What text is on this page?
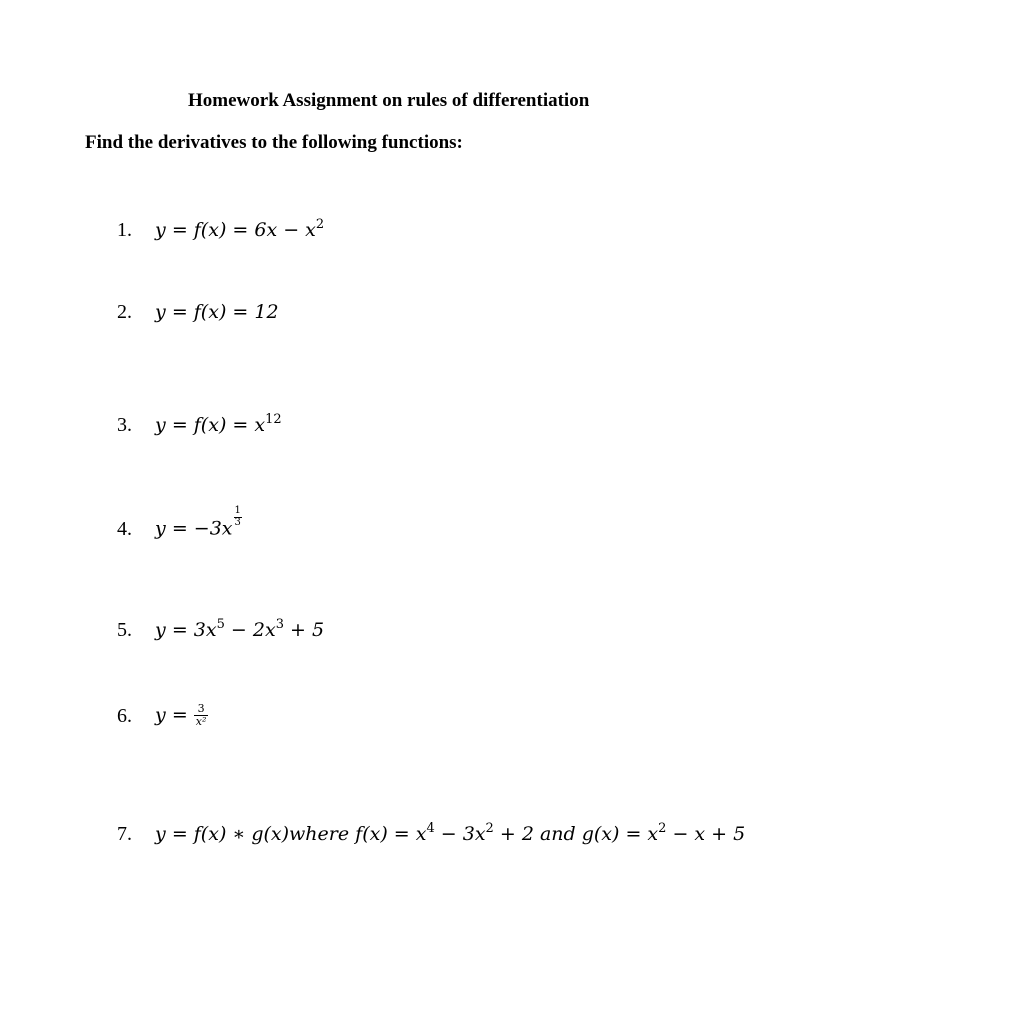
Homework Assignment on rules of differentiation
Find the derivatives to the following functions:
1. $y = f(x) = 6x - x^2$
2. y = f(x) = 12
3. $y = f(x) = x^{12}$
4. y = −3x
$\frac{1}{3}$
5. $y = 3x^5 - 2x^3 + 5$
6. $y = \frac{3}{\text{x²}}$
7. y = f(x) ∗ g(x)where $f(x) = x^4 - 3x^2 + 2$ and $g(x) = x^2 - x + 5$
